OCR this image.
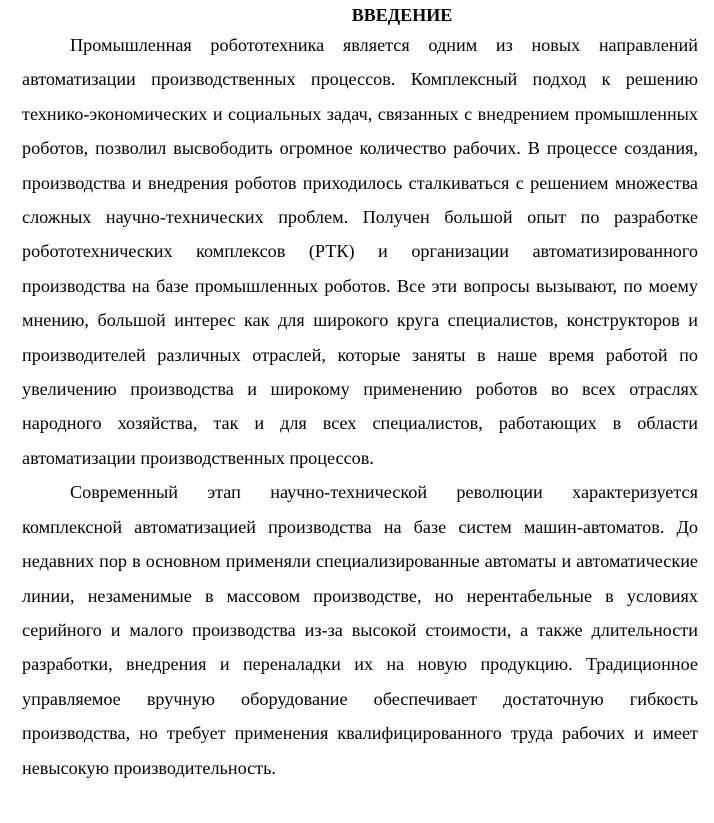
ВВЕДЕНИЕ

Промышленная робототехника является одним из новых направлений автоматизации производственных процессов. Комплексный подход к решению технико-экономических и социальных задач, связанных с внедрением промышленных роботов, позволил высвободить огромное количество рабочих. В процессе создания, производства и внедрения роботов приходилось сталкиваться с решением множества сложных научно-технических проблем. Получен большой опыт по разработке робототехнических комплексов (РТК) и организации автоматизированного производства на базе промышленных роботов. Все эти вопросы вызывают, по моему мнению, большой интерес как для широкого круга специалистов, конструкторов и производителей различных отраслей, которые заняты в наше время работой по увеличению производства и широкому применению роботов во всех отраслях народного хозяйства, так и для всех специалистов, работающих в области автоматизации производственных процессов.

Современный этап научно-технической революции характеризуется комплексной автоматизацией производства на базе систем машин-автоматов. До недавних пор в основном применяли специализированные автоматы и автоматические линии, незаменимые в массовом производстве, но нерентабельные в условиях серийного и малого производства из-за высокой стоимости, а также длительности разработки, внедрения и переналадки их на новую продукцию. Традиционное управляемое вручную оборудование обеспечивает достаточную гибкость производства, но требует применения квалифицированного труда рабочих и имеет невысокую производительность.
